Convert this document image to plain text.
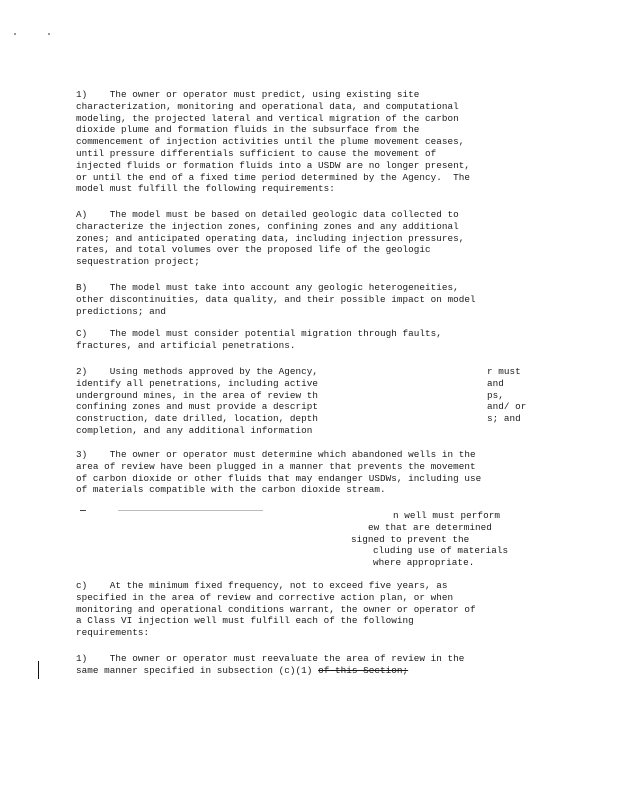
1)    The owner or operator must predict, using existing site
characterization, monitoring and operational data, and computational
modeling, the projected lateral and vertical migration of the carbon
dioxide plume and formation fluids in the subsurface from the
commencement of injection activities until the plume movement ceases,
until pressure differentials sufficient to cause the movement of
injected fluids or formation fluids into a USDW are no longer present,
or until the end of a fixed time period determined by the Agency.  The
model must fulfill the following requirements:
A)    The model must be based on detailed geologic data collected to
characterize the injection zones, confining zones and any additional
zones; and anticipated operating data, including injection pressures,
rates, and total volumes over the proposed life of the geologic
sequestration project;
B)    The model must take into account any geologic heterogeneities,
other discontinuities, data quality, and their possible impact on model
predictions; and
C)    The model must consider potential migration through faults,
fractures, and artificial penetrations.
2)    Using methods approved by the Agency,
identify all penetrations, including active
underground mines, in the area of review th
confining zones and must provide a descript
construction, date drilled, location, depth
completion, and any additional information
r must
and
ps,
and/ or
s; and
3)    The owner or operator must determine which abandoned wells in the
area of review have been plugged in a manner that prevents the movement
of carbon dioxide or other fluids that may endanger USDWs, including use
of materials compatible with the carbon dioxide stream.
n well must perform
ew that are determined
signed to prevent the
cluding use of materials
where appropriate.
c)    At the minimum fixed frequency, not to exceed five years, as
specified in the area of review and corrective action plan, or when
monitoring and operational conditions warrant, the owner or operator of
a Class VI injection well must fulfill each of the following
requirements:
1)    The owner or operator must reevaluate the area of review in the
same manner specified in subsection (c)(1) of this Section;
